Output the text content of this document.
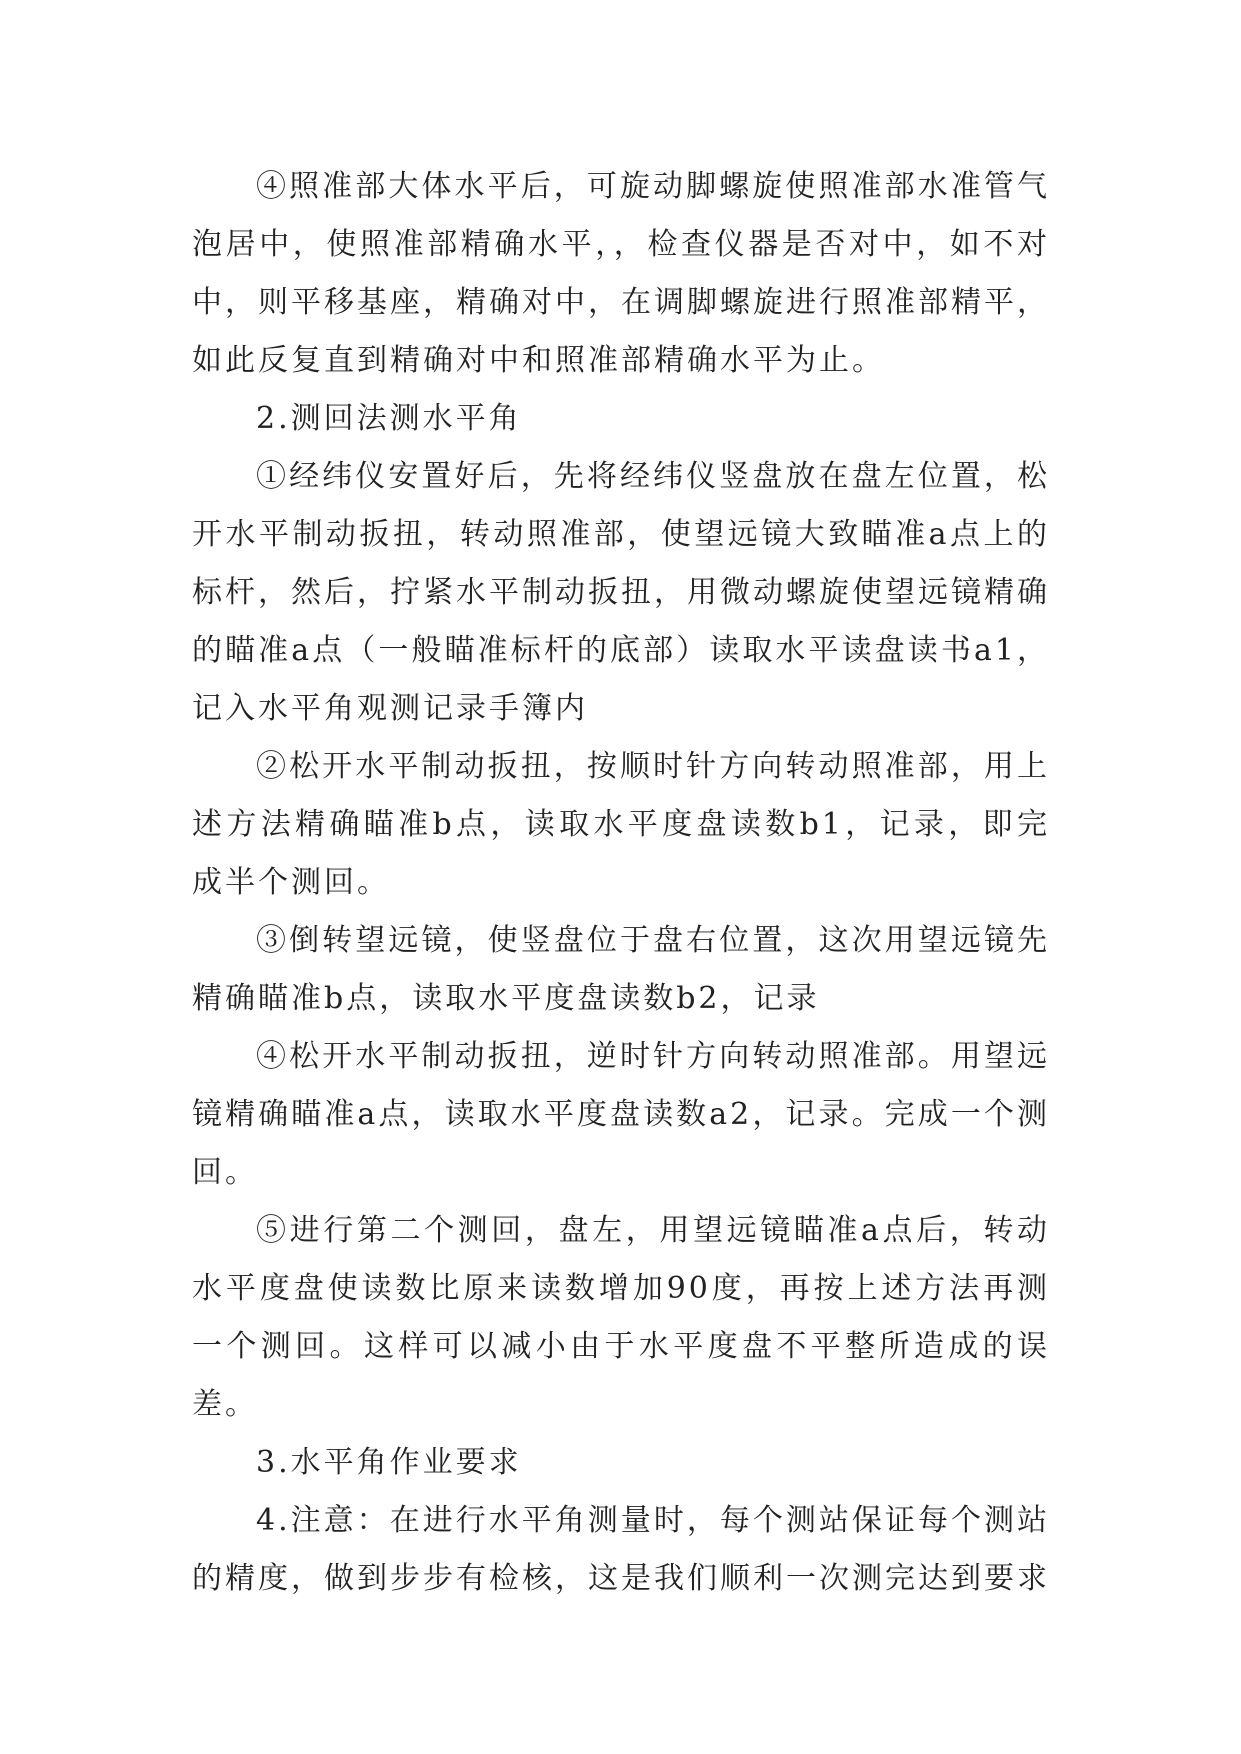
④照准部大体水平后，可旋动脚螺旋使照准部水准管气泡居中，使照准部精确水平，，检查仪器是否对中，如不对中，则平移基座，精确对中，在调脚螺旋进行照准部精平，如此反复直到精确对中和照准部精确水平为止。

2.测回法测水平角

①经纬仪安置好后，先将经纬仪竖盘放在盘左位置，松开水平制动扳扭，转动照准部，使望远镜大致瞄准a点上的标杆，然后，拧紧水平制动扳扭，用微动螺旋使望远镜精确的瞄准a点（一般瞄准标杆的底部）读取水平读盘读书a1，记入水平角观测记录手簿内

②松开水平制动扳扭，按顺时针方向转动照准部，用上述方法精确瞄准b点，读取水平度盘读数b1，记录，即完成半个测回。

③倒转望远镜，使竖盘位于盘右位置，这次用望远镜先精确瞄准b点，读取水平度盘读数b2，记录

④松开水平制动扳扭，逆时针方向转动照准部。用望远镜精确瞄准a点，读取水平度盘读数a2，记录。完成一个测回。

⑤进行第二个测回，盘左，用望远镜瞄准a点后，转动水平度盘使读数比原来读数增加90度，再按上述方法再测一个测回。这样可以减小由于水平度盘不平整所造成的误差。

3.水平角作业要求

4.注意：在进行水平角测量时，每个测站保证每个测站的精度，做到步步有检核，这是我们顺利一次测完达到要求
